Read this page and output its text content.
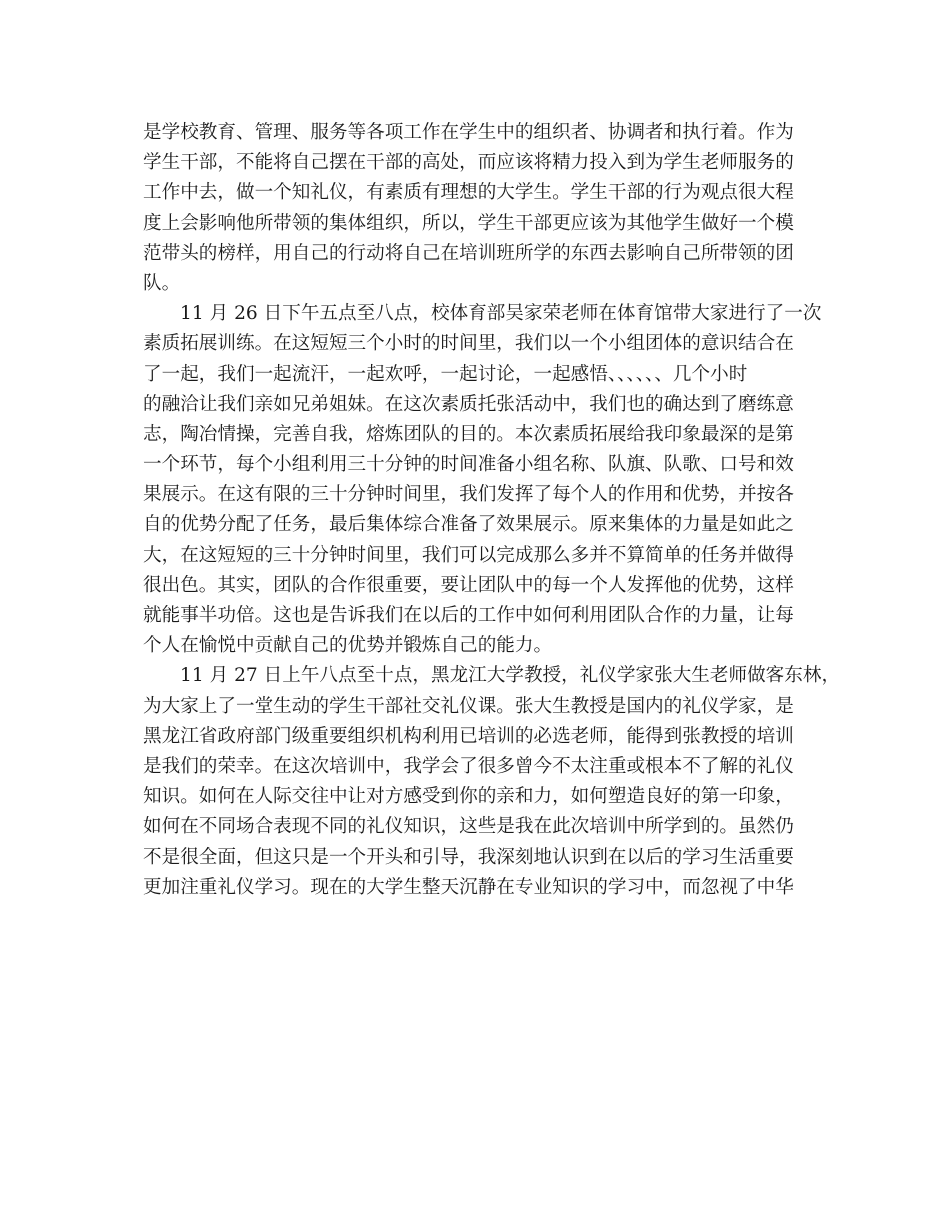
是学校教育、管理、服务等各项工作在学生中的组织者、协调者和执行着。作为
学生干部，不能将自己摆在干部的高处，而应该将精力投入到为学生老师服务的
工作中去，做一个知礼仪，有素质有理想的大学生。学生干部的行为观点很大程
度上会影响他所带领的集体组织，所以，学生干部更应该为其他学生做好一个模
范带头的榜样，用自己的行动将自己在培训班所学的东西去影响自己所带领的团
队。
11 月 26 日下午五点至八点，校体育部吴家荣老师在体育馆带大家进行了一次
素质拓展训练。在这短短三个小时的时间里，我们以一个小组团体的意识结合在
了一起，我们一起流汗，一起欢呼，一起讨论，一起感悟、、、、、、几个小时
的融洽让我们亲如兄弟姐妹。在这次素质托张活动中，我们也的确达到了磨练意
志，陶冶情操，完善自我，熔炼团队的目的。本次素质拓展给我印象最深的是第
一个环节，每个小组利用三十分钟的时间准备小组名称、队旗、队歌、口号和效
果展示。在这有限的三十分钟时间里，我们发挥了每个人的作用和优势，并按各
自的优势分配了任务，最后集体综合准备了效果展示。原来集体的力量是如此之
大，在这短短的三十分钟时间里，我们可以完成那么多并不算简单的任务并做得
很出色。其实，团队的合作很重要，要让团队中的每一个人发挥他的优势，这样
就能事半功倍。这也是告诉我们在以后的工作中如何利用团队合作的力量，让每
个人在愉悦中贡献自己的优势并锻炼自己的能力。
11 月 27 日上午八点至十点，黑龙江大学教授，礼仪学家张大生老师做客东林，
为大家上了一堂生动的学生干部社交礼仪课。张大生教授是国内的礼仪学家，是
黑龙江省政府部门级重要组织机构利用已培训的必选老师，能得到张教授的培训
是我们的荣幸。在这次培训中，我学会了很多曾今不太注重或根本不了解的礼仪
知识。如何在人际交往中让对方感受到你的亲和力，如何塑造良好的第一印象，
如何在不同场合表现不同的礼仪知识，这些是我在此次培训中所学到的。虽然仍
不是很全面，但这只是一个开头和引导，我深刻地认识到在以后的学习生活重要
更加注重礼仪学习。现在的大学生整天沉静在专业知识的学习中，而忽视了中华
